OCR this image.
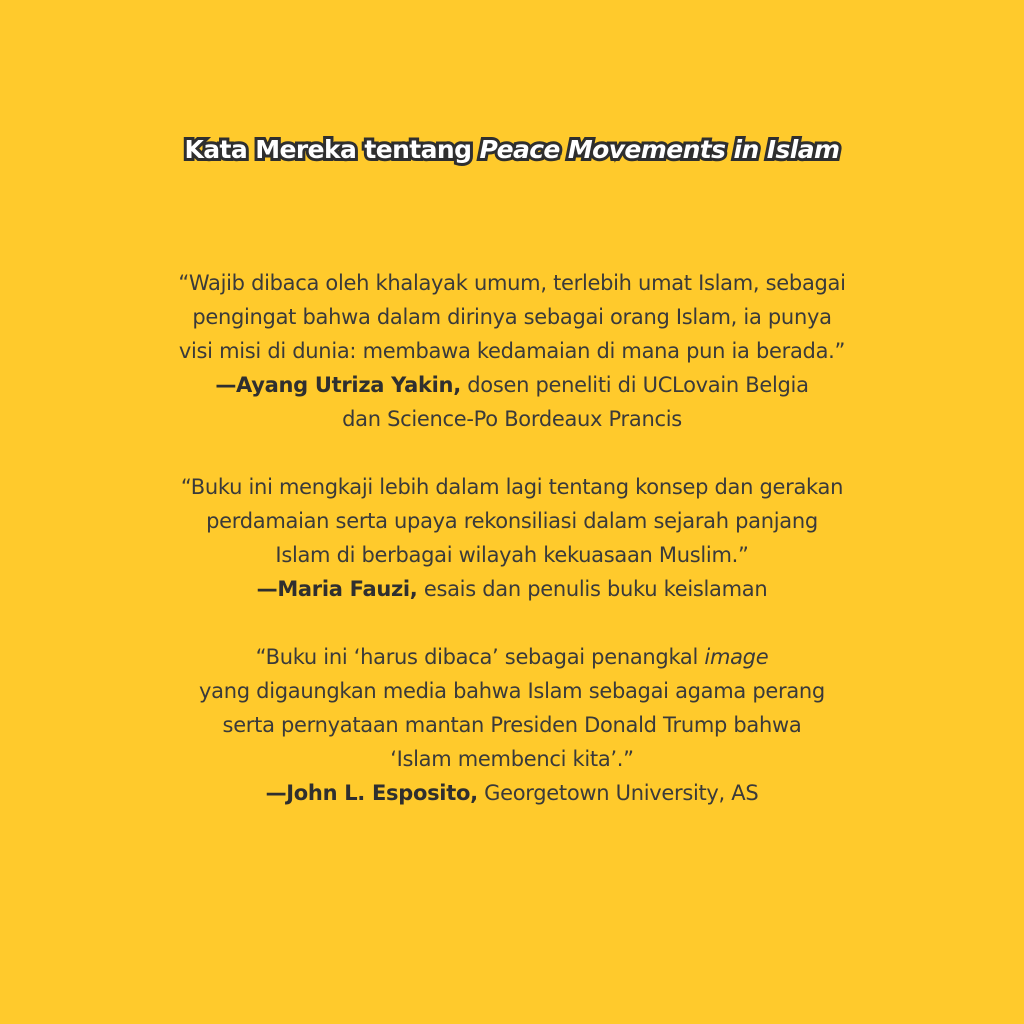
Kata Mereka tentang Peace Movements in Islam
“Wajib dibaca oleh khalayak umum, terlebih umat Islam, sebagai
pengingat bahwa dalam dirinya sebagai orang Islam, ia punya
visi misi di dunia: membawa kedamaian di mana pun ia berada.”
—Ayang Utriza Yakin, dosen peneliti di UCLovain Belgia
dan Science-Po Bordeaux Prancis
“Buku ini mengkaji lebih dalam lagi tentang konsep dan gerakan
perdamaian serta upaya rekonsiliasi dalam sejarah panjang
Islam di berbagai wilayah kekuasaan Muslim.”
—Maria Fauzi, esais dan penulis buku keislaman
“Buku ini ‘harus dibaca’ sebagai penangkal image
yang digaungkan media bahwa Islam sebagai agama perang
serta pernyataan mantan Presiden Donald Trump bahwa
‘Islam membenci kita’.”
—John L. Esposito, Georgetown University, AS
